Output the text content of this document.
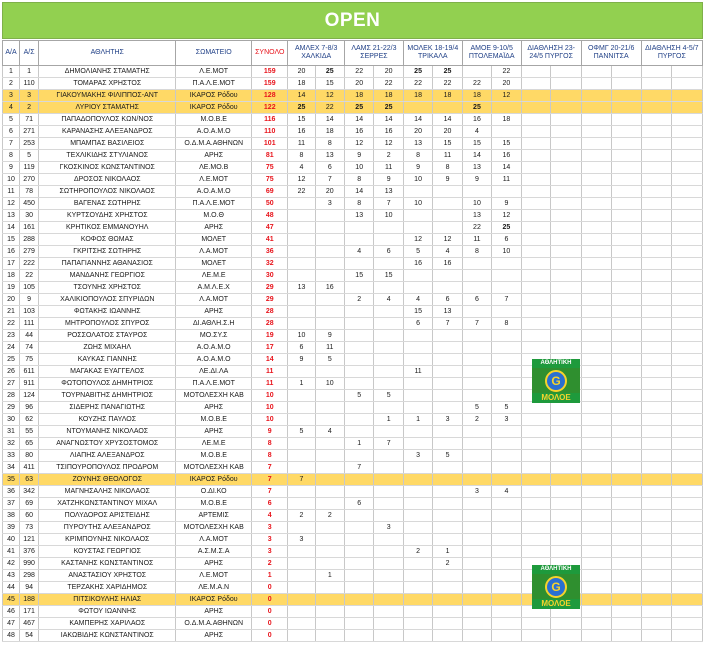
OPEN
Α/Α	Α/Σ	ΑΘΛΗΤΗΣ	ΣΩΜΑΤΕΙΟ	ΣΥΝΟΛΟ	ΑΜΛΕΧ 7-8/3 ΧΑΛΚΙΔΑ		ΛΑΜΣ 21-22/3 ΣΕΡΡΕΣ		ΜΟΛΕΚ 18-19/4 ΤΡΙΚΑΛΑ		ΑΜΟΕ 9-10/5 ΠΤΟΛΕΜΑΪΔΑ		ΔΙΑΘΛΗΣΗ 23-24/5 ΠΥΡΓΟΣ		ΟΦΜΓ 20-21/6 ΠΑΝΝΙΤΣΑ		ΔΙΑΘΛΗΣΗ 4-5/7 ΠΥΡΓΟΣ	
1	1	ΔΗΜΟΛΙΑΝΗΣ ΣΤΑΜΑΤΗΣ	Λ.Ε.ΜΟΤ	159	20	25	22	20	25	25		22						
2	110	ΤΟΜΑΡΑΣ ΧΡΗΣΤΟΣ	Π.Α.Λ.Ε.ΜΟΤ	159	18	15	20	22	22	22	22	20						
3	3	ΓΙΑΚΟΥΜΑΚΗΣ ΦΙΛΙΠΠΟΣ-ΑΝΤ	ΙΚΑΡΟΣ Ρόδου	128	14	12	18	18	18	18	18	12						
4	2	ΛΥΡΙΟΥ ΣΤΑΜΑΤΗΣ	ΙΚΑΡΟΣ Ρόδου	122	25	22	25	25			25							
5	71	ΠΑΠΑΔΟΠΟΥΛΟΣ ΚΩΝ/ΝΟΣ	Μ.Ο.Β.Ε	116	15	14	14	14	14	14	16	18						
6	271	ΚΑΡΑΝΑΣΗΣ ΑΛΕΞΑΝΔΡΟΣ	Α.Ο.Α.Μ.Ο	110	16	18	16	16	20	20	4							
7	253	ΜΠΑΜΠΑΣ ΒΑΣΙΛΕΙΟΣ	Ο.Δ.Μ.Α.ΑΘΗΝΩΝ	101	11	8	12	12	13	15	15	15						
8	5	ΤΕΧΛΙΚΙΔΗΣ ΣΤΥΛΙΑΝΟΣ	ΑΡΗΣ	81	8	13	9	2	8	11	14	16						
9	119	ΓΚΟΣΚΙΝΟΣ ΚΩΝΣΤΑΝΤΙΝΟΣ	ΛΕ.ΜΟ.Β	75	4	6	10	11	9	8	13	14						
10	270	ΔΡΟΣΟΣ ΝΙΚΟΛΑΟΣ	Λ.Ε.ΜΟΤ	75	12	7	8	9	10	9	9	11						
11	78	ΣΩΤΗΡΟΠΟΥΛΟΣ ΝΙΚΟΛΑΟΣ	Α.Ο.Α.Μ.Ο	69	22	20	14	13										
12	450	ΒΑΓΕΝΑΣ ΣΩΤΗΡΗΣ	Π.Α.Λ.Ε.ΜΟΤ	50		3	8	7	10		10	9						
13	30	ΚΥΡΤΣΟΥΔΗΣ ΧΡΗΣΤΟΣ	Μ.Ο.Θ	48			13	10			13	12						
14	161	ΚΡΗΤΙΚΟΣ ΕΜΜΑΝΟΥΗΛ	ΑΡΗΣ	47							22	25						
15	288	ΚΟΦΟΣ ΘΩΜΑΣ	ΜΟΛΕΤ	41					12	12	11	6						
16	279	ΓΚΡΙΤΣΗΣ ΣΩΤΗΡΗΣ	Λ.Α.ΜΟΤ	36			4	6	5	4	8	10						
17	222	ΠΑΠΑΓΙΑΝΝΗΣ ΑΘΑΝΑΣΙΟΣ	ΜΟΛΕΤ	32					16	16								
18	22	ΜΑΝΔΑΝΗΣ ΓΕΩΡΓΙΟΣ	ΛΕ.Μ.Ε	30			15	15										
19	105	ΤΣΟΥΝΗΣ ΧΡΗΣΤΟΣ	Α.Μ.Λ.Ε.Χ	29	13	16												
20	9	ΧΑΛΙΚΙΟΠΟΥΛΟΣ ΣΠΥΡΙΔΩΝ	Λ.Α.ΜΟΤ	29			2	4	4	6	6	7						
21	103	ΦΩΤΑΚΗΣ ΙΩΑΝΝΗΣ	ΑΡΗΣ	28					15	13								
22	111	ΜΗΤΡΟΠΟΥΛΟΣ ΣΠΥΡΟΣ	ΔΙ.ΑΘΛΗ.Σ.Η	28					6	7	7	8						
23	44	ΡΟΣΣΟΛΑΤΟΣ ΣΤΑΥΡΟΣ	ΜΟ.ΣΥ.Σ	19	10	9												
24	74	ΖΩΗΣ ΜΙΧΑΗΛ	Α.Ο.Α.Μ.Ο	17	6	11												
25	75	ΚΑΥΚΑΣ ΓΙΑΝΝΗΣ	Α.Ο.Α.Μ.Ο	14	9	5												
26	611	ΜΑΓΑΚΑΣ ΕΥΑΓΓΕΛΟΣ	ΛΕ.ΔΙ.ΛΑ	11					11									
27	911	ΦΩΤΟΠΟΥΛΟΣ ΔΗΜΗΤΡΙΟΣ	Π.Α.Λ.Ε.ΜΟΤ	11	1	10												
28	124	ΤΟΥΡΝΑΒΙΤΗΣ ΔΗΜΗΤΡΙΟΣ	ΜΟΤΟΛΕΣΧΗ ΚΑΒ	10			5	5										
29	96	ΣΙΔΕΡΗΣ ΠΑΝΑΓΙΩΤΗΣ	ΑΡΗΣ	10							5	5						
30	62	ΚΟΥΖΗΣ ΠΑΥΛΟΣ	Μ.Ο.Β.Ε	10				1	1	3	2	3						
31	55	ΝΤΟΥΜΑΝΗΣ ΝΙΚΟΛΑΟΣ	ΑΡΗΣ	9	5	4												
32	65	ΑΝΑΓΝΩΣΤΟΥ ΧΡΥΣΟΣΤΟΜΟΣ	ΛΕ.Μ.Ε	8			1	7										
33	80	ΛΙΑΠΗΣ ΑΛΕΞΑΝΔΡΟΣ	Μ.Ο.Β.Ε	8					3	5								
34	411	ΤΣΙΠΟΥΡΟΠΟΥΛΟΣ ΠΡΟΔΡΟΜ	ΜΟΤΟΛΕΣΧΗ ΚΑΒ	7			7											
35	63	ΖΟΥΝΗΣ ΘΕΟΛΟΓΟΣ	ΙΚΑΡΟΣ Ρόδου	7	7													
36	342	ΜΑΓΝΗΣΑΛΗΣ ΝΙΚΟΛΑΟΣ	Ο.ΔΙ.ΚΟ	7							3	4						
37	69	ΧΑΤΖΗΚΩΝΣΤΑΝΤΙΝΟΥ ΜΙΧΑΛ	Μ.Ο.Β.Ε	6			6											
38	60	ΠΟΛΥΔΟΡΟΣ ΑΡΙΣΤΕΙΔΗΣ	ΑΡΤΕΜΙΣ	4	2	2												
39	73	ΠΥΡΟΥΤΗΣ ΑΛΕΞΑΝΔΡΟΣ	ΜΟΤΟΛΕΣΧΗ ΚΑΒ	3				3										
40	121	ΚΡΙΜΠΟΥΝΗΣ ΝΙΚΟΛΑΟΣ	Λ.Α.ΜΟΤ	3	3													
41	376	ΚΟΥΣΤΑΣ ΓΕΩΡΓΙΟΣ	Α.Σ.Μ.Σ.Α	3					2	1								
42	990	ΚΑΣΤΑΝΗΣ ΚΩΝΣΤΑΝΤΙΝΟΣ	ΑΡΗΣ	2						2								
43	298	ΑΝΑΣΤΑΣΙΟΥ ΧΡΗΣΤΟΣ	Λ.Ε.ΜΟΤ	1		1												
44	94	ΤΕΡΖΑΚΗΣ ΧΑΡΙΔΗΜΟΣ	ΛΕ.Μ.Α.Ν	0														
45	188	ΠΙΤΣΙΚΟΥΛΗΣ ΗΛΙΑΣ	ΙΚΑΡΟΣ Ρόδου	0														
46	171	ΦΩΤΟΥ ΙΩΑΝΝΗΣ	ΑΡΗΣ	0														
47	467	ΚΑΜΠΕΡΗΣ ΧΑΡΙΛΑΟΣ	Ο.Δ.Μ.Α.ΑΘΗΝΩΝ	0														
48	54	ΙΑΚΩΒΙΔΗΣ ΚΩΝΣΤΑΝΤΙΝΟΣ	ΑΡΗΣ	0														
ΑΘΛΗΤΙΚΗ
G
ΜΟΛΟΕ
ΑΘΛΗΤΙΚΗ
G
ΜΟΛΟΕ
